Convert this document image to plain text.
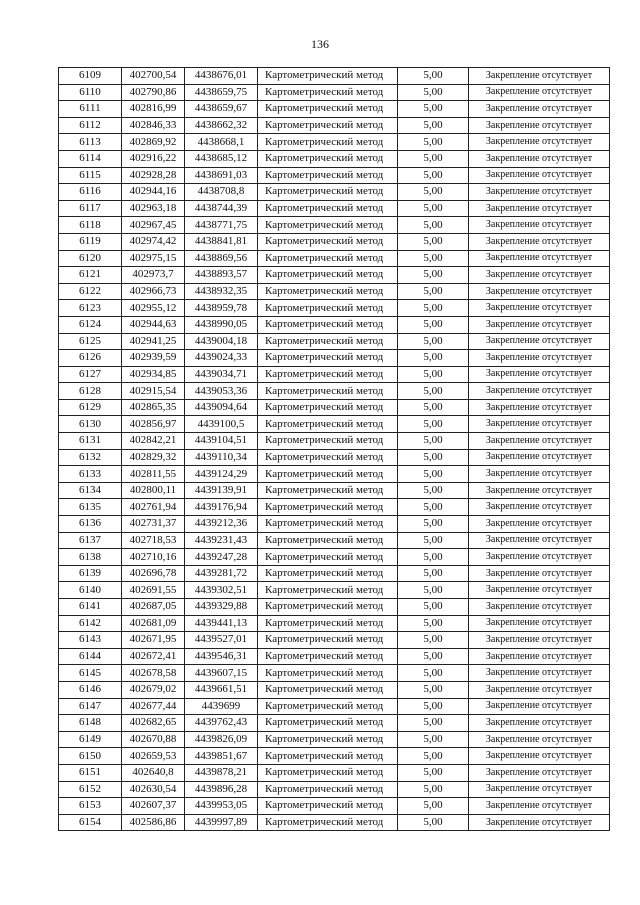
136
6109	402700,54	4438676,01	Картометрический метод	5,00	Закрепление отсутствует
6110	402790,86	4438659,75	Картометрический метод	5,00	Закрепление отсутствует
6111	402816,99	4438659,67	Картометрический метод	5,00	Закрепление отсутствует
6112	402846,33	4438662,32	Картометрический метод	5,00	Закрепление отсутствует
6113	402869,92	4438668,1	Картометрический метод	5,00	Закрепление отсутствует
6114	402916,22	4438685,12	Картометрический метод	5,00	Закрепление отсутствует
6115	402928,28	4438691,03	Картометрический метод	5,00	Закрепление отсутствует
6116	402944,16	4438708,8	Картометрический метод	5,00	Закрепление отсутствует
6117	402963,18	4438744,39	Картометрический метод	5,00	Закрепление отсутствует
6118	402967,45	4438771,75	Картометрический метод	5,00	Закрепление отсутствует
6119	402974,42	4438841,81	Картометрический метод	5,00	Закрепление отсутствует
6120	402975,15	4438869,56	Картометрический метод	5,00	Закрепление отсутствует
6121	402973,7	4438893,57	Картометрический метод	5,00	Закрепление отсутствует
6122	402966,73	4438932,35	Картометрический метод	5,00	Закрепление отсутствует
6123	402955,12	4438959,78	Картометрический метод	5,00	Закрепление отсутствует
6124	402944,63	4438990,05	Картометрический метод	5,00	Закрепление отсутствует
6125	402941,25	4439004,18	Картометрический метод	5,00	Закрепление отсутствует
6126	402939,59	4439024,33	Картометрический метод	5,00	Закрепление отсутствует
6127	402934,85	4439034,71	Картометрический метод	5,00	Закрепление отсутствует
6128	402915,54	4439053,36	Картометрический метод	5,00	Закрепление отсутствует
6129	402865,35	4439094,64	Картометрический метод	5,00	Закрепление отсутствует
6130	402856,97	4439100,5	Картометрический метод	5,00	Закрепление отсутствует
6131	402842,21	4439104,51	Картометрический метод	5,00	Закрепление отсутствует
6132	402829,32	4439110,34	Картометрический метод	5,00	Закрепление отсутствует
6133	402811,55	4439124,29	Картометрический метод	5,00	Закрепление отсутствует
6134	402800,11	4439139,91	Картометрический метод	5,00	Закрепление отсутствует
6135	402761,94	4439176,94	Картометрический метод	5,00	Закрепление отсутствует
6136	402731,37	4439212,36	Картометрический метод	5,00	Закрепление отсутствует
6137	402718,53	4439231,43	Картометрический метод	5,00	Закрепление отсутствует
6138	402710,16	4439247,28	Картометрический метод	5,00	Закрепление отсутствует
6139	402696,78	4439281,72	Картометрический метод	5,00	Закрепление отсутствует
6140	402691,55	4439302,51	Картометрический метод	5,00	Закрепление отсутствует
6141	402687,05	4439329,88	Картометрический метод	5,00	Закрепление отсутствует
6142	402681,09	4439441,13	Картометрический метод	5,00	Закрепление отсутствует
6143	402671,95	4439527,01	Картометрический метод	5,00	Закрепление отсутствует
6144	402672,41	4439546,31	Картометрический метод	5,00	Закрепление отсутствует
6145	402678,58	4439607,15	Картометрический метод	5,00	Закрепление отсутствует
6146	402679,02	4439661,51	Картометрический метод	5,00	Закрепление отсутствует
6147	402677,44	4439699	Картометрический метод	5,00	Закрепление отсутствует
6148	402682,65	4439762,43	Картометрический метод	5,00	Закрепление отсутствует
6149	402670,88	4439826,09	Картометрический метод	5,00	Закрепление отсутствует
6150	402659,53	4439851,67	Картометрический метод	5,00	Закрепление отсутствует
6151	402640,8	4439878,21	Картометрический метод	5,00	Закрепление отсутствует
6152	402630,54	4439896,28	Картометрический метод	5,00	Закрепление отсутствует
6153	402607,37	4439953,05	Картометрический метод	5,00	Закрепление отсутствует
6154	402586,86	4439997,89	Картометрический метод	5,00	Закрепление отсутствует
